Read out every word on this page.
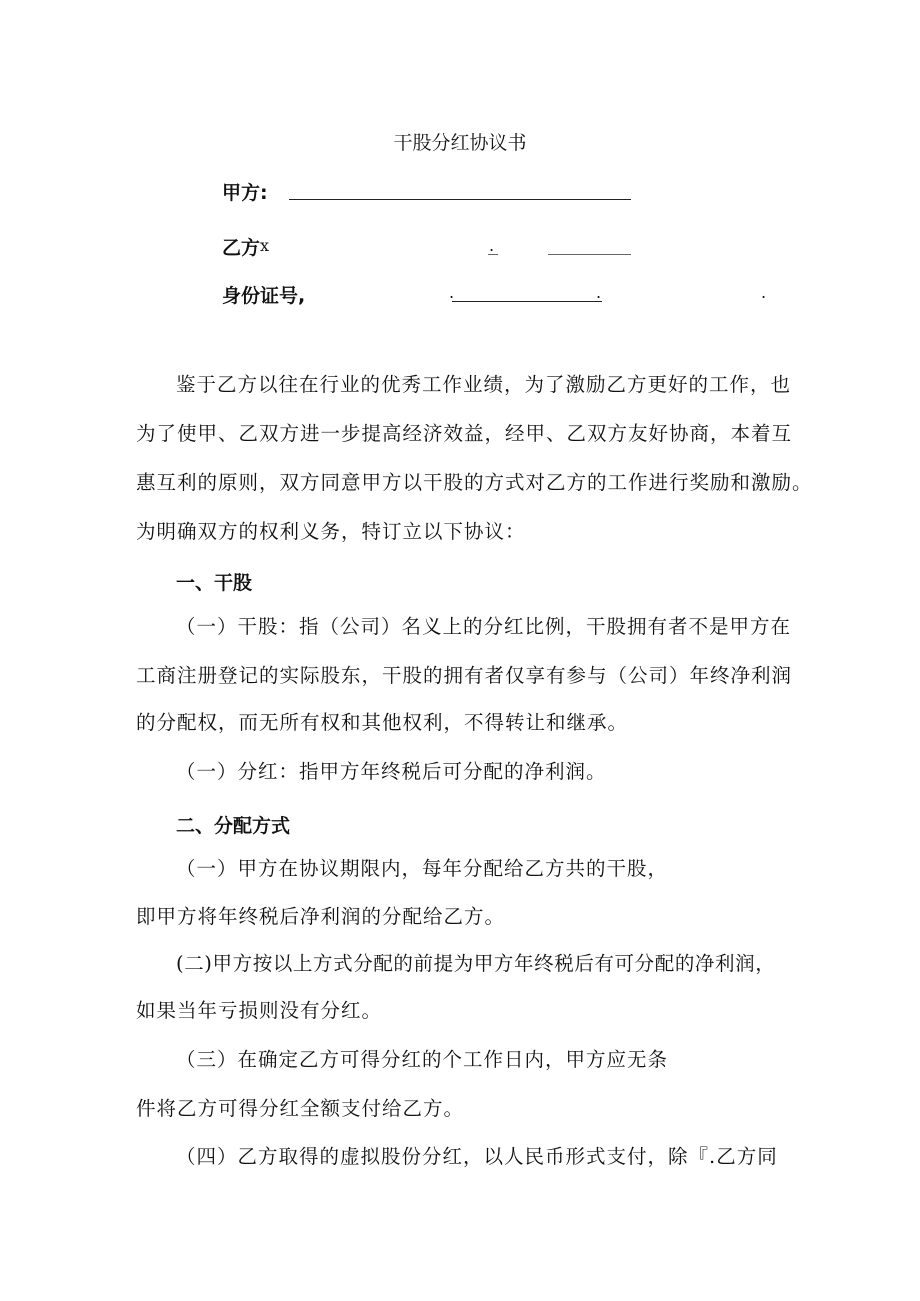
干股分红协议书
甲方:
乙方 x	.
身份证号,	.	.	.
鉴于乙方以往在行业的优秀工作业绩，为了激励乙方更好的工作，也
为了使甲、乙双方进一步提高经济效益，经甲、乙双方友好协商，本着互
惠互利的原则，双方同意甲方以干股的方式对乙方的工作进行奖励和激励。
为明确双方的权利义务，特订立以下协议：
一、干股
（一）干股：指（公司）名义上的分红比例，干股拥有者不是甲方在
工商注册登记的实际股东，干股的拥有者仅享有参与（公司）年终净利润
的分配权，而无所有权和其他权利，不得转让和继承。
（一）分红：指甲方年终税后可分配的净利润。
二、分配方式
（一）甲方在协议期限内，每年分配给乙方共的干股，
即甲方将年终税后净利润的分配给乙方。
(二)甲方按以上方式分配的前提为甲方年终税后有可分配的净利润，
如果当年亏损则没有分红。
（三）在确定乙方可得分红的个工作日内，甲方应无条
件将乙方可得分红全额支付给乙方。
（四）乙方取得的虚拟股份分红，以人民币形式支付，除『.乙方同
